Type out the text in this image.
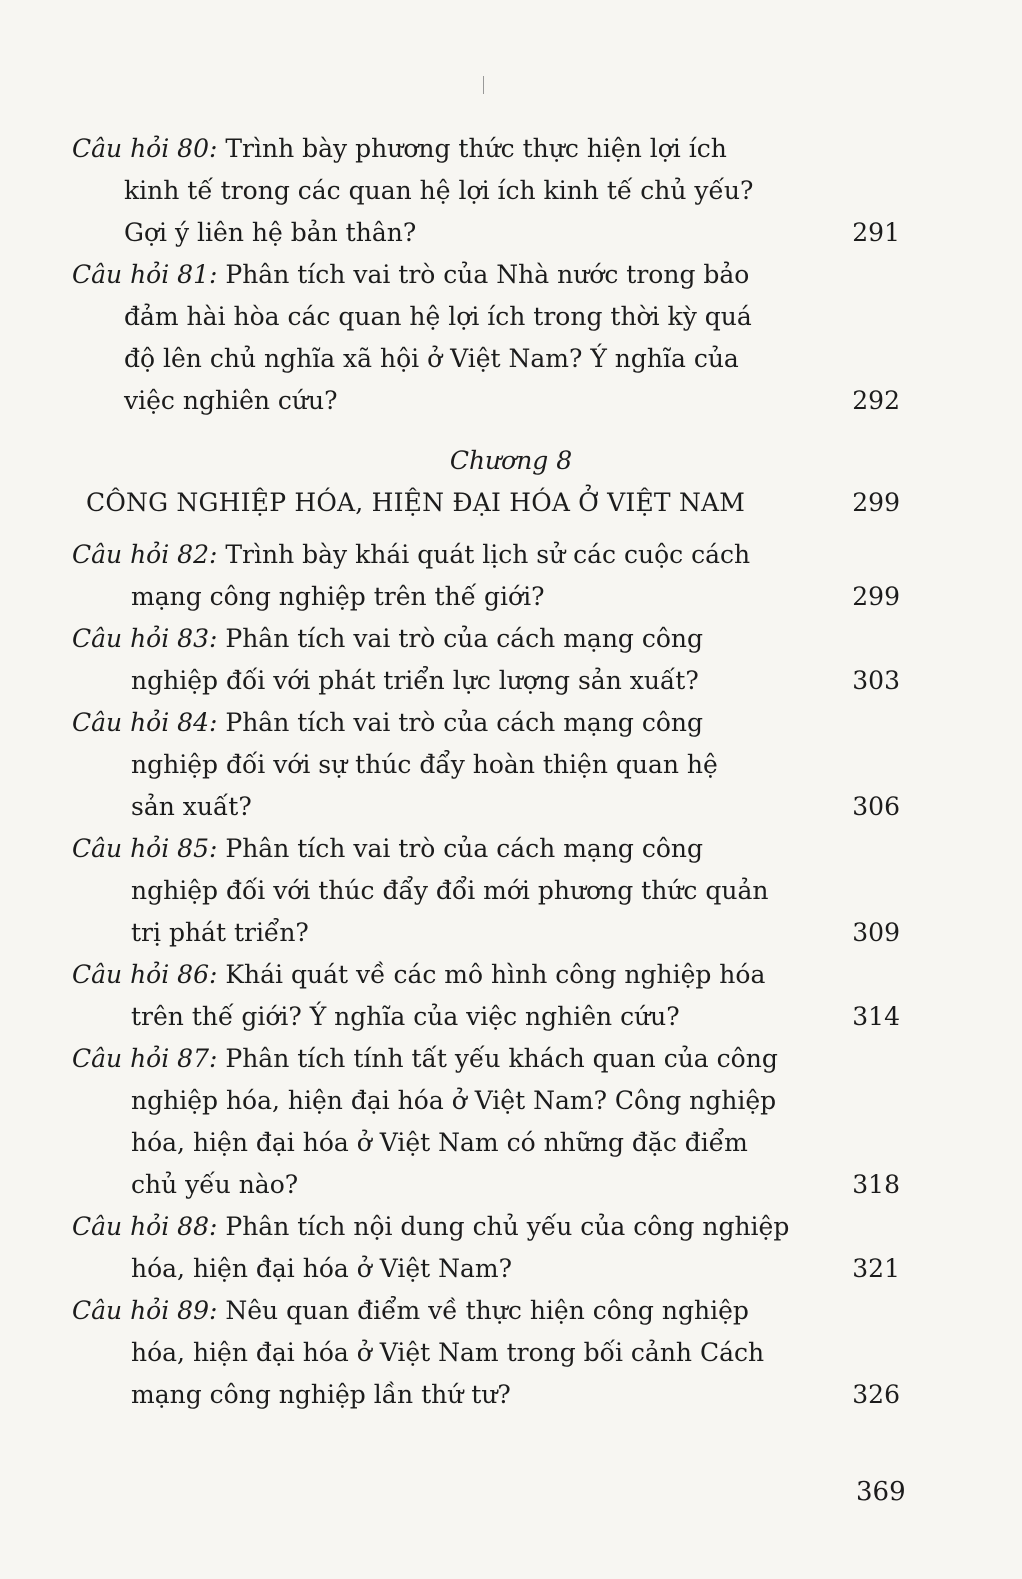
Câu hỏi 80: Trình bày phương thức thực hiện lợi ích
kinh tế trong các quan hệ lợi ích kinh tế chủ yếu?
Gợi ý liên hệ bản thân?	291
Câu hỏi 81: Phân tích vai trò của Nhà nước trong bảo
đảm hài hòa các quan hệ lợi ích trong thời kỳ quá
độ lên chủ nghĩa xã hội ở Việt Nam? Ý nghĩa của
việc nghiên cứu?	292
Chương 8
CÔNG NGHIỆP HÓA, HIỆN ĐẠI HÓA Ở VIỆT NAM	299
Câu hỏi 82: Trình bày khái quát lịch sử các cuộc cách
mạng công nghiệp trên thế giới?	299
Câu hỏi 83: Phân tích vai trò của cách mạng công
nghiệp đối với phát triển lực lượng sản xuất?	303
Câu hỏi 84: Phân tích vai trò của cách mạng công
nghiệp đối với sự thúc đẩy hoàn thiện quan hệ
sản xuất?	306
Câu hỏi 85: Phân tích vai trò của cách mạng công
nghiệp đối với thúc đẩy đổi mới phương thức quản
trị phát triển?	309
Câu hỏi 86: Khái quát về các mô hình công nghiệp hóa
trên thế giới? Ý nghĩa của việc nghiên cứu?	314
Câu hỏi 87: Phân tích tính tất yếu khách quan của công
nghiệp hóa, hiện đại hóa ở Việt Nam? Công nghiệp
hóa, hiện đại hóa ở Việt Nam có những đặc điểm
chủ yếu nào?	318
Câu hỏi 88: Phân tích nội dung chủ yếu của công nghiệp
hóa, hiện đại hóa ở Việt Nam?	321
Câu hỏi 89: Nêu quan điểm về thực hiện công nghiệp
hóa, hiện đại hóa ở Việt Nam trong bối cảnh Cách
mạng công nghiệp lần thứ tư?	326
369
